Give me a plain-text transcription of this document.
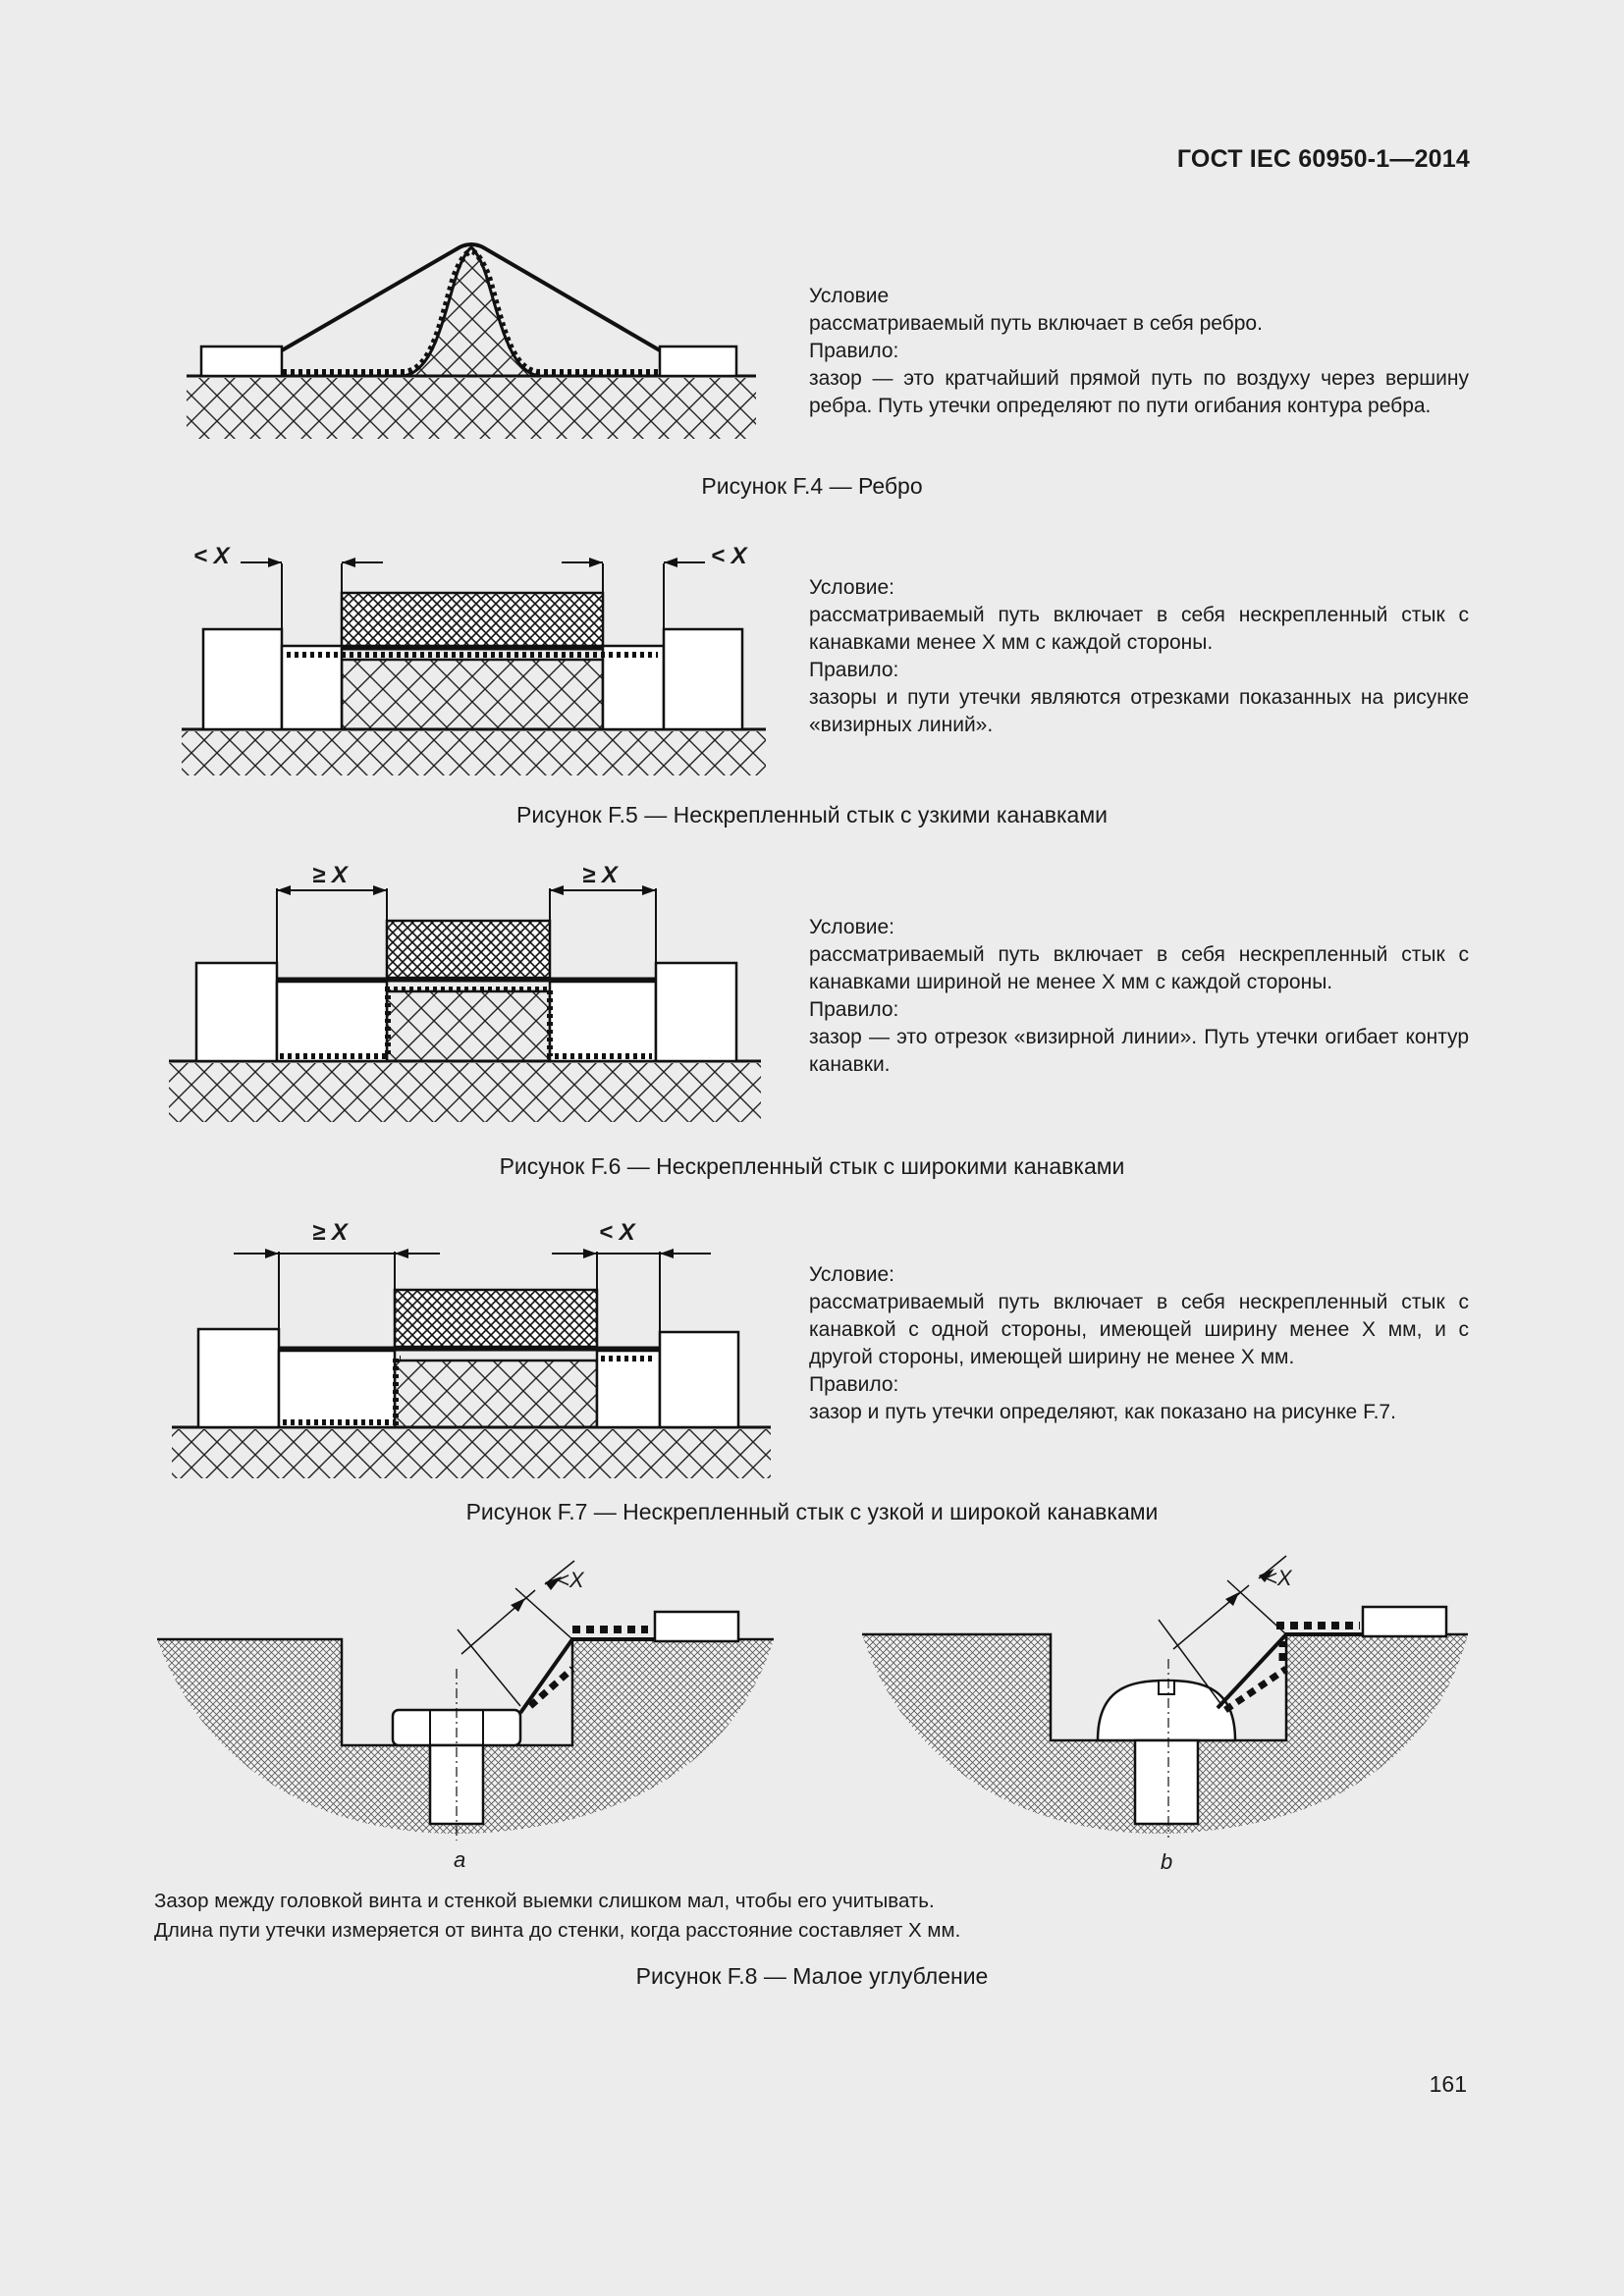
ГОСТ IEC 60950-1—2014
< X	< X
≥ X	≥ X
≥ X	< X
<X	<X
a	b
Условие
рассматриваемый путь включает в себя ребро.
Правило:
зазор — это кратчайший прямой путь по воздуху через вершину ребра. Путь утечки определяют по пути огибания контура ребра.
Рисунок F.4 — Ребро
Условие:
рассматриваемый путь включает в себя нескрепленный стык с канавками менее X мм с каждой стороны.
Правило:
зазоры и пути утечки являются отрезками показанных на рисунке «визирных линий».
Рисунок F.5 — Нескрепленный стык с узкими канавками
Условие:
рассматриваемый путь включает в себя нескрепленный стык с канавками шириной не менее X мм с каждой стороны.
Правило:
зазор — это отрезок «визирной линии». Путь утечки огибает контур канавки.
Рисунок F.6 — Нескрепленный стык с широкими канавками
Условие:
рассматриваемый путь включает в себя нескрепленный стык с канавкой с одной стороны, имеющей ширину менее X мм, и с другой стороны, имеющей ширину не менее X мм.
Правило:
зазор и путь утечки определяют, как показано на рисунке F.7.
Рисунок F.7 — Нескрепленный стык с узкой и широкой канавками
Зазор между головкой винта и стенкой выемки слишком мал, чтобы его учитывать.
Длина пути утечки измеряется от винта до стенки, когда расстояние составляет X мм.
Рисунок F.8 — Малое углубление
161
